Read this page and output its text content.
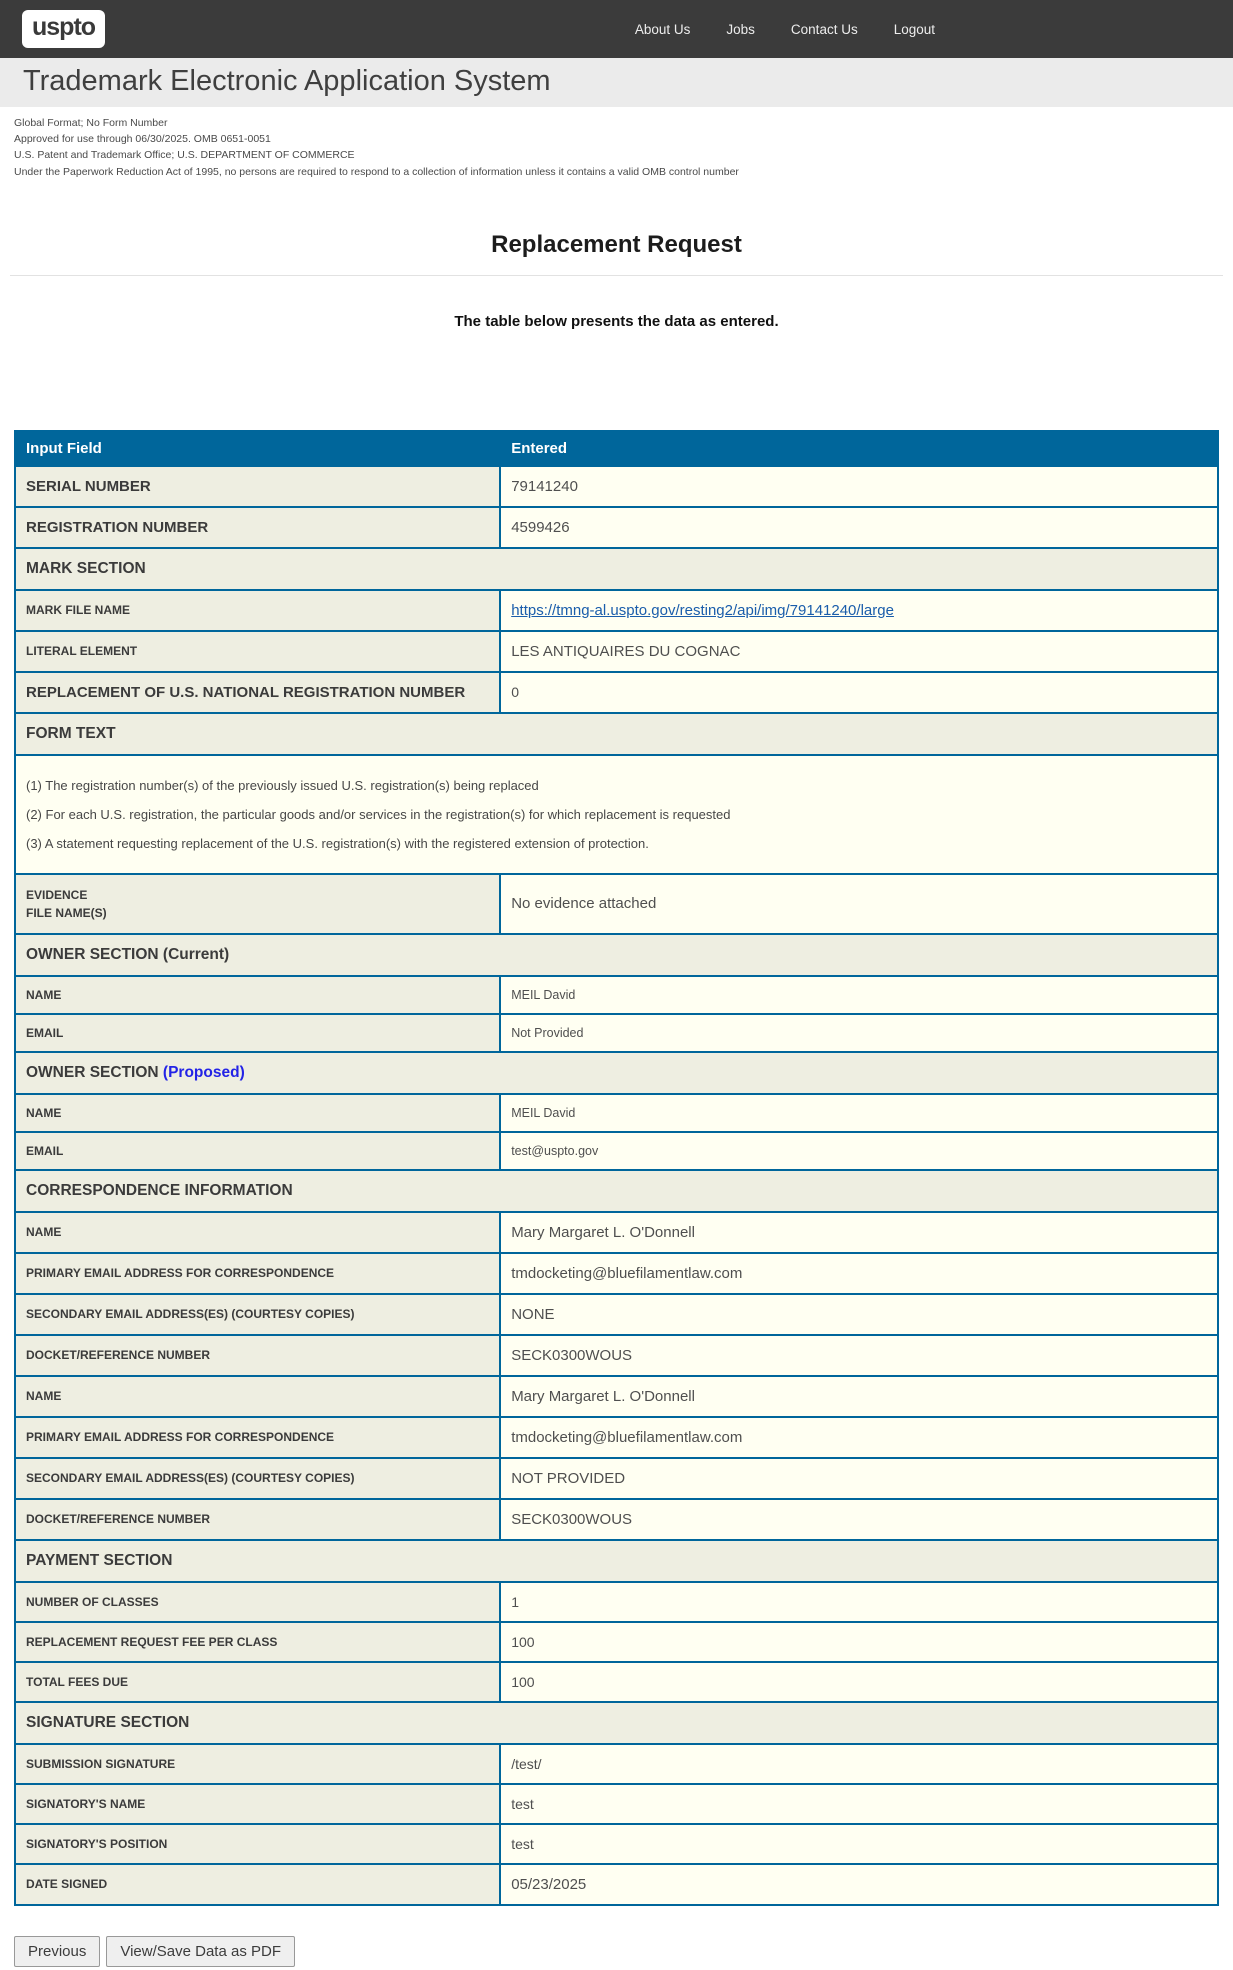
uspto	About Us	Jobs	Contact Us	Logout
Trademark Electronic Application System
Global Format; No Form Number
Approved for use through 06/30/2025. OMB 0651-0051
U.S. Patent and Trademark Office; U.S. DEPARTMENT OF COMMERCE
Under the Paperwork Reduction Act of 1995, no persons are required to respond to a collection of information unless it contains a valid OMB control number
Replacement Request
The table below presents the data as entered.
Input Field	Entered
SERIAL NUMBER	79141240
REGISTRATION NUMBER	4599426
MARK SECTION	
MARK FILE NAME	https://tmng-al.uspto.gov/resting2/api/img/79141240/large
LITERAL ELEMENT	LES ANTIQUAIRES DU COGNAC
REPLACEMENT OF U.S. NATIONAL REGISTRATION NUMBER	0
FORM TEXT	

(1) The registration number(s) of the previously issued U.S. registration(s) being replaced

(2) For each U.S. registration, the particular goods and/or services in the registration(s) for which replacement is requested

(3) A statement requesting replacement of the U.S. registration(s) with the registered extension of protection.	

EVIDENCE
FILE NAME(S)	No evidence attached
OWNER SECTION (Current)	
NAME	MEIL David
EMAIL	Not Provided
OWNER SECTION (Proposed)	
NAME	MEIL David
EMAIL	test@uspto.gov
CORRESPONDENCE INFORMATION	
NAME	Mary Margaret L. O'Donnell
PRIMARY EMAIL ADDRESS FOR CORRESPONDENCE	tmdocketing@bluefilamentlaw.com
SECONDARY EMAIL ADDRESS(ES) (COURTESY COPIES)	NONE
DOCKET/REFERENCE NUMBER	SECK0300WOUS
NAME	Mary Margaret L. O'Donnell
PRIMARY EMAIL ADDRESS FOR CORRESPONDENCE	tmdocketing@bluefilamentlaw.com
SECONDARY EMAIL ADDRESS(ES) (COURTESY COPIES)	NOT PROVIDED
DOCKET/REFERENCE NUMBER	SECK0300WOUS
PAYMENT SECTION	
NUMBER OF CLASSES	1
REPLACEMENT REQUEST FEE PER CLASS	100
TOTAL FEES DUE	100
SIGNATURE SECTION	
SUBMISSION SIGNATURE	/test/
SIGNATORY'S NAME	test
SIGNATORY'S POSITION	test
DATE SIGNED	05/23/2025
Previous	View/Save Data as PDF
